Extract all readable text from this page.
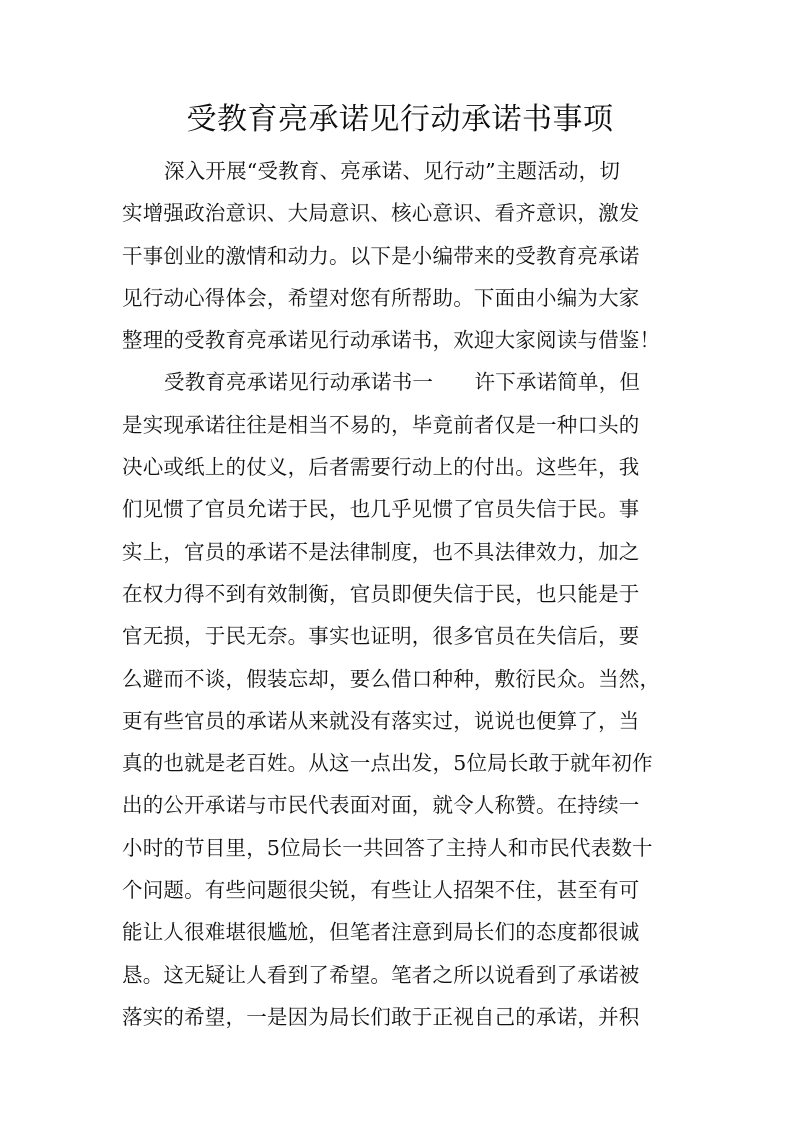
受教育亮承诺见行动承诺书事项
深入开展“受教育、亮承诺、见行动”主题活动，切
实增强政治意识、大局意识、核心意识、看齐意识，激发
干事创业的激情和动力。以下是小编带来的受教育亮承诺
见行动心得体会，希望对您有所帮助。下面由小编为大家
整理的受教育亮承诺见行动承诺书，欢迎大家阅读与借鉴！
受教育亮承诺见行动承诺书一　　许下承诺简单，但
是实现承诺往往是相当不易的，毕竟前者仅是一种口头的
决心或纸上的仗义，后者需要行动上的付出。这些年，我
们见惯了官员允诺于民，也几乎见惯了官员失信于民。事
实上，官员的承诺不是法律制度，也不具法律效力，加之
在权力得不到有效制衡，官员即便失信于民，也只能是于
官无损，于民无奈。事实也证明，很多官员在失信后，要
么避而不谈，假装忘却，要么借口种种，敷衍民众。当然，
更有些官员的承诺从来就没有落实过，说说也便算了，当
真的也就是老百姓。从这一点出发，5位局长敢于就年初作
出的公开承诺与市民代表面对面，就令人称赞。在持续一
小时的节目里，5位局长一共回答了主持人和市民代表数十
个问题。有些问题很尖锐，有些让人招架不住，甚至有可
能让人很难堪很尴尬，但笔者注意到局长们的态度都很诚
恳。这无疑让人看到了希望。笔者之所以说看到了承诺被
落实的希望，一是因为局长们敢于正视自己的承诺，并积
